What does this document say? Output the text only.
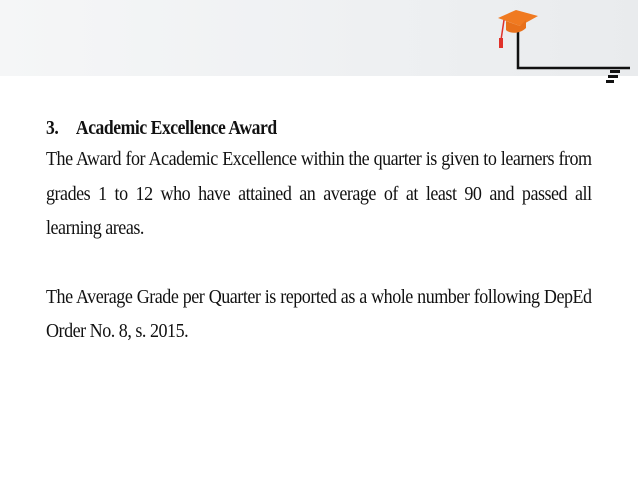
3. Academic Excellence Award

The Award for Academic Excellence within the quarter is given to learners from grades 1 to 12 who have attained an average of at least 90 and passed all learning areas.

The Average Grade per Quarter is reported as a whole number following DepEd Order No. 8, s. 2015.
